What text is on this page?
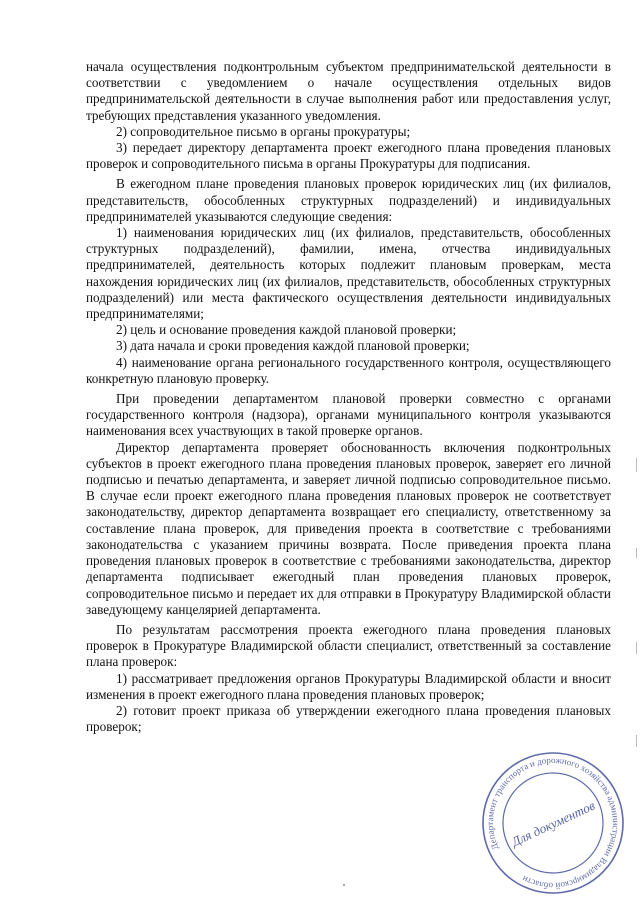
начала осуществления подконтрольным субъектом предпринимательской деятельности в соответствии с уведомлением о начале осуществления отдельных видов предпринимательской деятельности в случае выполнения работ или предоставления услуг, требующих представления указанного уведомления.

2) сопроводительное письмо в органы прокуратуры;

3) передает директору департамента проект ежегодного плана проведения плановых проверок и сопроводительного письма в органы Прокуратуры для подписания.

В ежегодном плане проведения плановых проверок юридических лиц (их филиалов, представительств, обособленных структурных подразделений) и индивидуальных предпринимателей указываются следующие сведения:

1) наименования юридических лиц (их филиалов, представительств, обособленных структурных подразделений), фамилии, имена, отчества индивидуальных предпринимателей, деятельность которых подлежит плановым проверкам, места нахождения юридических лиц (их филиалов, представительств, обособленных структурных подразделений) или места фактического осуществления деятельности индивидуальных предпринимателями;

2) цель и основание проведения каждой плановой проверки;

3) дата начала и сроки проведения каждой плановой проверки;

4) наименование органа регионального государственного контроля, осуществляющего конкретную плановую проверку.

При проведении департаментом плановой проверки совместно с органами государственного контроля (надзора), органами муниципального контроля указываются наименования всех участвующих в такой проверке органов.

Директор департамента проверяет обоснованность включения подконтрольных субъектов в проект ежегодного плана проведения плановых проверок, заверяет его личной подписью и печатью департамента, и заверяет личной подписью сопроводительное письмо. В случае если проект ежегодного плана проведения плановых проверок не соответствует законодательству, директор департамента возвращает его специалисту, ответственному за составление плана проверок, для приведения проекта в соответствие с требованиями законодательства с указанием причины возврата. После приведения проекта плана проведения плановых проверок в соответствие с требованиями законодательства, директор департамента подписывает ежегодный план проведения плановых проверок, сопроводительное письмо и передает их для отправки в Прокуратуру Владимирской области заведующему канцелярией департамента.

По результатам рассмотрения проекта ежегодного плана проведения плановых проверок в Прокуратуре Владимирской области специалист, ответственный за составление плана проверок:

1) рассматривает предложения органов Прокуратуры Владимирской области и вносит изменения в проект ежегодного плана проведения плановых проверок;

2) готовит проект приказа об утверждении ежегодного плана проведения плановых проверок;

Департамент транспорта и дорожного хозяйства администрации Владимирской области
Для документов
